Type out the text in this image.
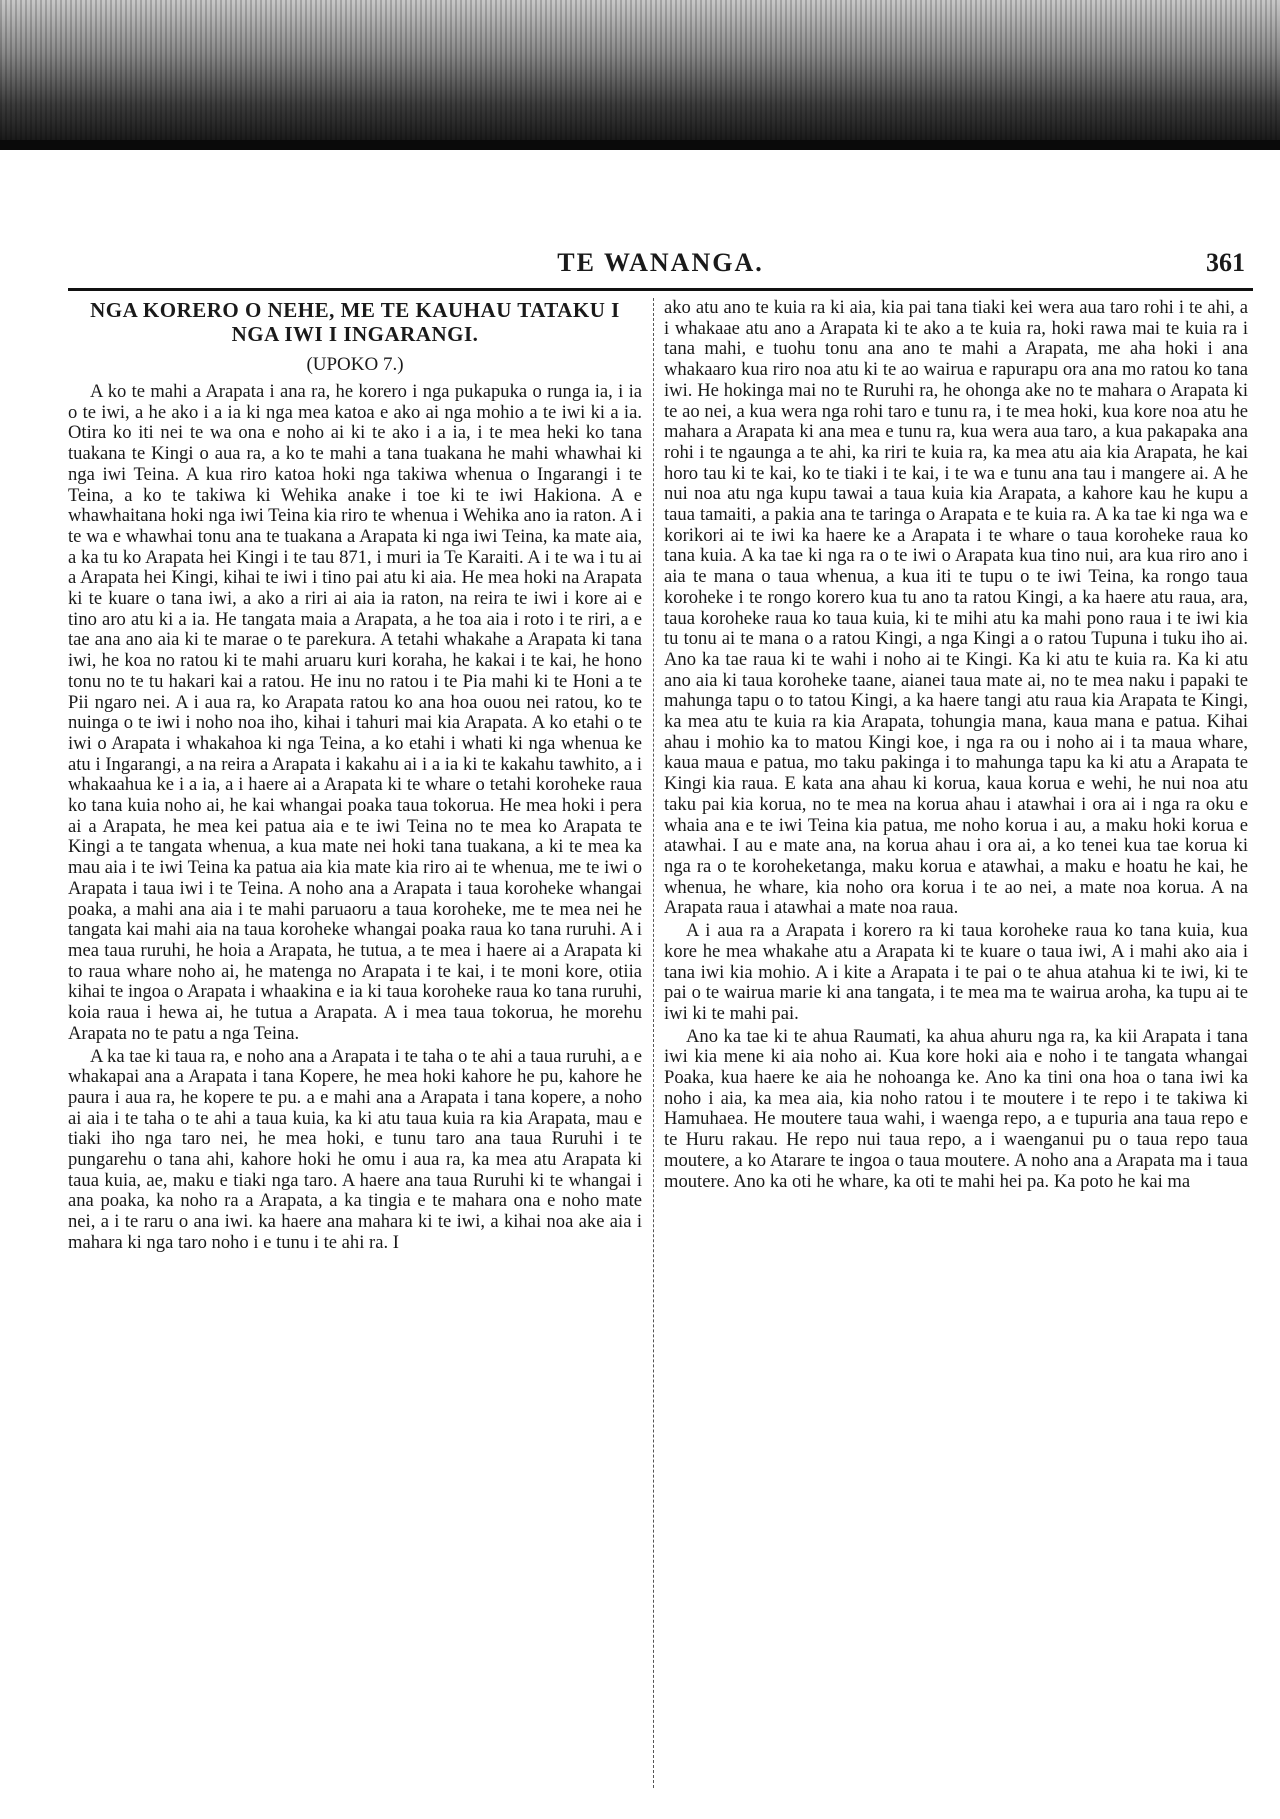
TE WANANGA.	361
NGA KORERO O NEHE, ME TE KAUHAU TATAKU I NGA IWI I INGARANGI.
(UPOKO 7.)

A ko te mahi a Arapata i ana ra, he korero i nga pukapuka o runga ia, i ia o te iwi, a he ako i a ia ki nga mea katoa e ako ai nga mohio a te iwi ki a ia. Otira ko iti nei te wa ona e noho ai ki te ako i a ia, i te mea heki ko tana tuakana te Kingi o aua ra, a ko te mahi a tana tuakana he mahi whawhai ki nga iwi Teina. A kua riro katoa hoki nga takiwa whenua o Ingarangi i te Teina, a ko te takiwa ki Wehika anake i toe ki te iwi Hakiona. A e whawhaitana hoki nga iwi Teina kia riro te whenua i Wehika ano ia raton. A i te wa e whawhai tonu ana te tuakana a Arapata ki nga iwi Teina, ka mate aia, a ka tu ko Arapata hei Kingi i te tau 871, i muri ia Te Karaiti. A i te wa i tu ai a Arapata hei Kingi, kihai te iwi i tino pai atu ki aia. He mea hoki na Arapata ki te kuare o tana iwi, a ako a riri ai aia ia raton, na reira te iwi i kore ai e tino aro atu ki a ia. He tangata maia a Arapata, a he toa aia i roto i te riri, a e tae ana ano aia ki te marae o te parekura. A tetahi whakahe a Arapata ki tana iwi, he koa no ratou ki te mahi aruaru kuri koraha, he kakai i te kai, he hono tonu no te tu hakari kai a ratou. He inu no ratou i te Pia mahi ki te Honi a te Pii ngaro nei. A i aua ra, ko Arapata ratou ko ana hoa ouou nei ratou, ko te nuinga o te iwi i noho noa iho, kihai i tahuri mai kia Arapata. A ko etahi o te iwi o Arapata i whakahoa ki nga Teina, a ko etahi i whati ki nga whenua ke atu i Ingarangi, a na reira a Arapata i kakahu ai i a ia ki te kakahu tawhito, a i whakaahua ke i a ia, a i haere ai a Arapata ki te whare o tetahi koroheke raua ko tana kuia noho ai, he kai whangai poaka taua tokorua. He mea hoki i pera ai a Arapata, he mea kei patua aia e te iwi Teina no te mea ko Arapata te Kingi a te tangata whenua, a kua mate nei hoki tana tuakana, a ki te mea ka mau aia i te iwi Teina ka patua aia kia mate kia riro ai te whenua, me te iwi o Arapata i taua iwi i te Teina. A noho ana a Arapata i taua koroheke whangai poaka, a mahi ana aia i te mahi paruaoru a taua koroheke, me te mea nei he tangata kai mahi aia na taua koroheke whangai poaka raua ko tana ruruhi. A i mea taua ruruhi, he hoia a Arapata, he tutua, a te mea i haere ai a Arapata ki to raua whare noho ai, he matenga no Arapata i te kai, i te moni kore, otiia kihai te ingoa o Arapata i whaakina e ia ki taua koroheke raua ko tana ruruhi, koia raua i hewa ai, he tutua a Arapata. A i mea taua tokorua, he morehu Arapata no te patu a nga Teina.

A ka tae ki taua ra, e noho ana a Arapata i te taha o te ahi a taua ruruhi, a e whakapai ana a Arapata i tana Kopere, he mea hoki kahore he pu, kahore he paura i aua ra, he kopere te pu. a e mahi ana a Arapata i tana kopere, a noho ai aia i te taha o te ahi a taua kuia, ka ki atu taua kuia ra kia Arapata, mau e tiaki iho nga taro nei, he mea hoki, e tunu taro ana taua Ruruhi i te pungarehu o tana ahi, kahore hoki he omu i aua ra, ka mea atu Arapata ki taua kuia, ae, maku e tiaki nga taro. A haere ana taua Ruruhi ki te whangai i ana poaka, ka noho ra a Arapata, a ka tingia e te mahara ona e noho mate nei, a i te raru o ana iwi. ka haere ana mahara ki te iwi, a kihai noa ake aia i mahara ki nga taro noho i e tunu i te ahi ra. I

ako atu ano te kuia ra ki aia, kia pai tana tiaki kei wera aua taro rohi i te ahi, a i whakaae atu ano a Arapata ki te ako a te kuia ra, hoki rawa mai te kuia ra i tana mahi, e tuohu tonu ana ano te mahi a Arapata, me aha hoki i ana whakaaro kua riro noa atu ki te ao wairua e rapurapu ora ana mo ratou ko tana iwi. He hokinga mai no te Ruruhi ra, he ohonga ake no te mahara o Arapata ki te ao nei, a kua wera nga rohi taro e tunu ra, i te mea hoki, kua kore noa atu he mahara a Arapata ki ana mea e tunu ra, kua wera aua taro, a kua pakapaka ana rohi i te ngaunga a te ahi, ka riri te kuia ra, ka mea atu aia kia Arapata, he kai horo tau ki te kai, ko te tiaki i te kai, i te wa e tunu ana tau i mangere ai. A he nui noa atu nga kupu tawai a taua kuia kia Arapata, a kahore kau he kupu a taua tamaiti, a pakia ana te taringa o Arapata e te kuia ra. A ka tae ki nga wa e korikori ai te iwi ka haere ke a Arapata i te whare o taua koroheke raua ko tana kuia. A ka tae ki nga ra o te iwi o Arapata kua tino nui, ara kua riro ano i aia te mana o taua whenua, a kua iti te tupu o te iwi Teina, ka rongo taua koroheke i te rongo korero kua tu ano ta ratou Kingi, a ka haere atu raua, ara, taua koroheke raua ko taua kuia, ki te mihi atu ka mahi pono raua i te iwi kia tu tonu ai te mana o a ratou Kingi, a nga Kingi a o ratou Tupuna i tuku iho ai. Ano ka tae raua ki te wahi i noho ai te Kingi. Ka ki atu te kuia ra. Ka ki atu ano aia ki taua koroheke taane, aianei taua mate ai, no te mea naku i papaki te mahunga tapu o to tatou Kingi, a ka haere tangi atu raua kia Arapata te Kingi, ka mea atu te kuia ra kia Arapata, tohungia mana, kaua mana e patua. Kihai ahau i mohio ka to matou Kingi koe, i nga ra ou i noho ai i ta maua whare, kaua maua e patua, mo taku pakinga i to mahunga tapu ka ki atu a Arapata te Kingi kia raua. E kata ana ahau ki korua, kaua korua e wehi, he nui noa atu taku pai kia korua, no te mea na korua ahau i atawhai i ora ai i nga ra oku e whaia ana e te iwi Teina kia patua, me noho korua i au, a maku hoki korua e atawhai. I au e mate ana, na korua ahau i ora ai, a ko tenei kua tae korua ki nga ra o te koroheketanga, maku korua e atawhai, a maku e hoatu he kai, he whenua, he whare, kia noho ora korua i te ao nei, a mate noa korua. A na Arapata raua i atawhai a mate noa raua.

A i aua ra a Arapata i korero ra ki taua koroheke raua ko tana kuia, kua kore he mea whakahe atu a Arapata ki te kuare o taua iwi, A i mahi ako aia i tana iwi kia mohio. A i kite a Arapata i te pai o te ahua atahua ki te iwi, ki te pai o te wairua marie ki ana tangata, i te mea ma te wairua aroha, ka tupu ai te iwi ki te mahi pai.

Ano ka tae ki te ahua Raumati, ka ahua ahuru nga ra, ka kii Arapata i tana iwi kia mene ki aia noho ai. Kua kore hoki aia e noho i te tangata whangai Poaka, kua haere ke aia he nohoanga ke. Ano ka tini ona hoa o tana iwi ka noho i aia, ka mea aia, kia noho ratou i te moutere i te repo i te takiwa ki Hamuhaea. He moutere taua wahi, i waenga repo, a e tupuria ana taua repo e te Huru rakau. He repo nui taua repo, a i waenganui pu o taua repo taua moutere, a ko Atarare te ingoa o taua moutere. A noho ana a Arapata ma i taua moutere. Ano ka oti he whare, ka oti te mahi hei pa. Ka poto he kai ma
